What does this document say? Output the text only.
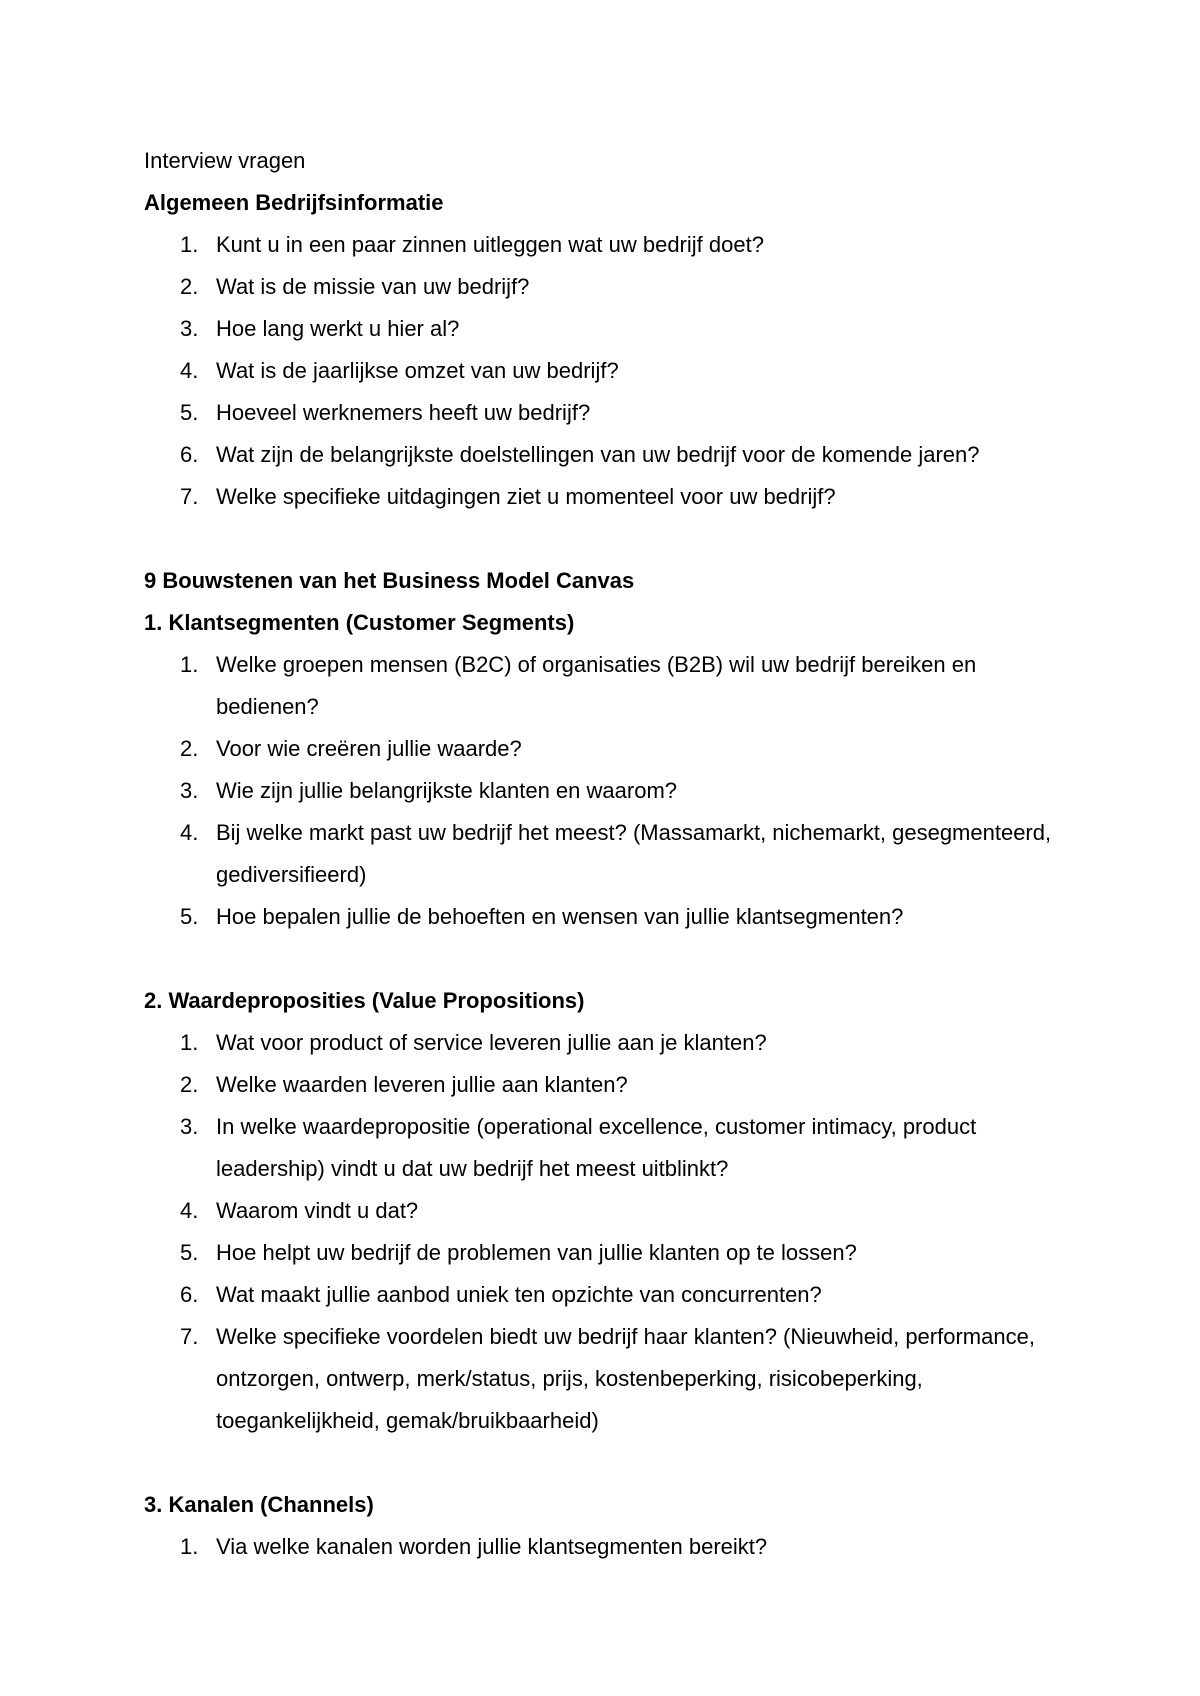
Interview vragen

Algemeen Bedrijfsinformatie

1. Kunt u in een paar zinnen uitleggen wat uw bedrijf doet?
2. Wat is de missie van uw bedrijf?
3. Hoe lang werkt u hier al?
4. Wat is de jaarlijkse omzet van uw bedrijf?
5. Hoeveel werknemers heeft uw bedrijf?
6. Wat zijn de belangrijkste doelstellingen van uw bedrijf voor de komende jaren?
7. Welke specifieke uitdagingen ziet u momenteel voor uw bedrijf?

9 Bouwstenen van het Business Model Canvas

1. Klantsegmenten (Customer Segments)

1. Welke groepen mensen (B2C) of organisaties (B2B) wil uw bedrijf bereiken en bedienen?
2. Voor wie creëren jullie waarde?
3. Wie zijn jullie belangrijkste klanten en waarom?
4. Bij welke markt past uw bedrijf het meest? (Massamarkt, nichemarkt, gesegmenteerd, gediversifieerd)
5. Hoe bepalen jullie de behoeften en wensen van jullie klantsegmenten?

2. Waardeproposities (Value Propositions)

1. Wat voor product of service leveren jullie aan je klanten?
2. Welke waarden leveren jullie aan klanten?
3. In welke waardepropositie (operational excellence, customer intimacy, product leadership) vindt u dat uw bedrijf het meest uitblinkt?
4. Waarom vindt u dat?
5. Hoe helpt uw bedrijf de problemen van jullie klanten op te lossen?
6. Wat maakt jullie aanbod uniek ten opzichte van concurrenten?
7. Welke specifieke voordelen biedt uw bedrijf haar klanten? (Nieuwheid, performance, ontzorgen, ontwerp, merk/status, prijs, kostenbeperking, risicobeperking, toegankelijkheid, gemak/bruikbaarheid)

3. Kanalen (Channels)

1. Via welke kanalen worden jullie klantsegmenten bereikt?
